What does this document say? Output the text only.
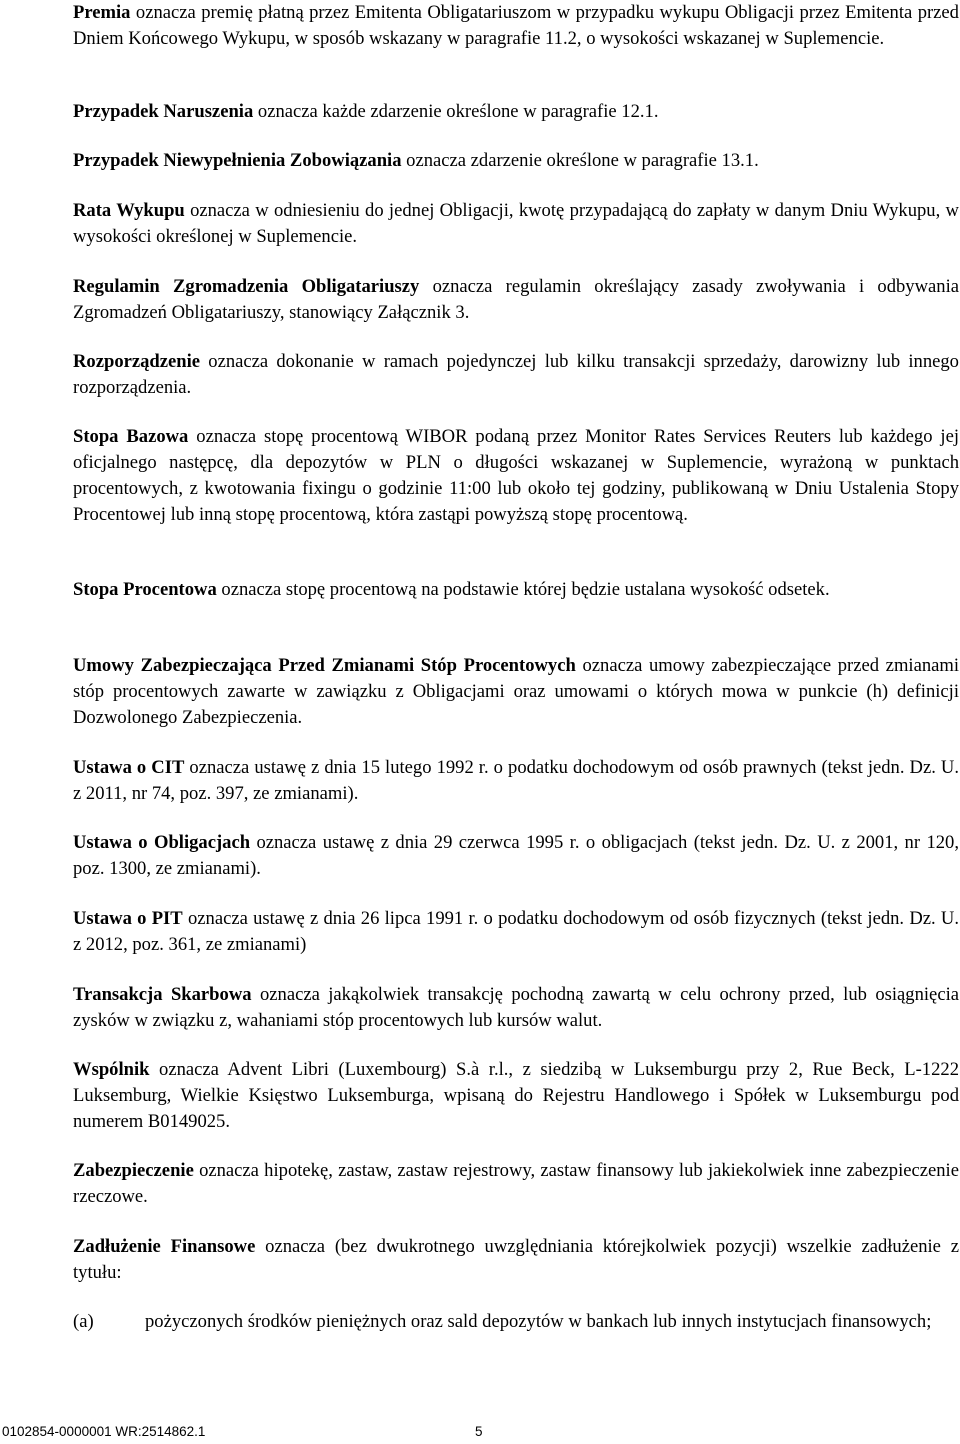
Premia oznacza premię płatną przez Emitenta Obligatariuszom w przypadku wykupu Obligacji przez Emitenta przed Dniem Końcowego Wykupu, w sposób wskazany w paragrafie 11.2, o wysokości wskazanej w Suplemencie.

Przypadek Naruszenia oznacza każde zdarzenie określone w paragrafie 12.1.

Przypadek Niewypełnienia Zobowiązania oznacza zdarzenie określone w paragrafie 13.1.

Rata Wykupu oznacza w odniesieniu do jednej Obligacji, kwotę przypadającą do zapłaty w danym Dniu Wykupu, w wysokości określonej w Suplemencie.

Regulamin Zgromadzenia Obligatariuszy oznacza regulamin określający zasady zwoływania i odbywania Zgromadzeń Obligatariuszy, stanowiący Załącznik 3.

Rozporządzenie oznacza dokonanie w ramach pojedynczej lub kilku transakcji sprzedaży, darowizny lub innego rozporządzenia.

Stopa Bazowa oznacza stopę procentową WIBOR podaną przez Monitor Rates Services Reuters lub każdego jej oficjalnego następcę, dla depozytów w PLN o długości wskazanej w Suplemencie, wyrażoną w punktach procentowych, z kwotowania fixingu o godzinie 11:00 lub około tej godziny, publikowaną w Dniu Ustalenia Stopy Procentowej lub inną stopę procentową, która zastąpi powyższą stopę procentową.

Stopa Procentowa oznacza stopę procentową na podstawie której będzie ustalana wysokość odsetek.

Umowy Zabezpieczająca Przed Zmianami Stóp Procentowych oznacza umowy zabezpieczające przed zmianami stóp procentowych zawarte w zawiązku z Obligacjami oraz umowami o których mowa w punkcie (h) definicji Dozwolonego Zabezpieczenia.

Ustawa o CIT oznacza ustawę z dnia 15 lutego 1992 r. o podatku dochodowym od osób prawnych (tekst jedn. Dz. U. z 2011, nr 74, poz. 397, ze zmianami).

Ustawa o Obligacjach oznacza ustawę z dnia 29 czerwca 1995 r. o obligacjach (tekst jedn. Dz. U. z 2001, nr 120, poz. 1300, ze zmianami).

Ustawa o PIT oznacza ustawę z dnia 26 lipca 1991 r. o podatku dochodowym od osób fizycznych (tekst jedn. Dz. U. z 2012, poz. 361, ze zmianami)

Transakcja Skarbowa oznacza jakąkolwiek transakcję pochodną zawartą w celu ochrony przed, lub osiągnięcia zysków w związku z, wahaniami stóp procentowych lub kursów walut.

Wspólnik oznacza Advent Libri (Luxembourg) S.à r.l., z siedzibą w Luksemburgu przy 2, Rue Beck, L-1222 Luksemburg, Wielkie Księstwo Luksemburga, wpisaną do Rejestru Handlowego i Spółek w Luksemburgu pod numerem B0149025.

Zabezpieczenie oznacza hipotekę, zastaw, zastaw rejestrowy, zastaw finansowy lub jakiekolwiek inne zabezpieczenie rzeczowe.

Zadłużenie Finansowe oznacza (bez dwukrotnego uwzględniania którejkolwiek pozycji) wszelkie zadłużenie z tytułu:

(a)	pożyczonych środków pieniężnych oraz sald depozytów w bankach lub innych instytucjach finansowych;
0102854-0000001 WR:2514862.1	5
